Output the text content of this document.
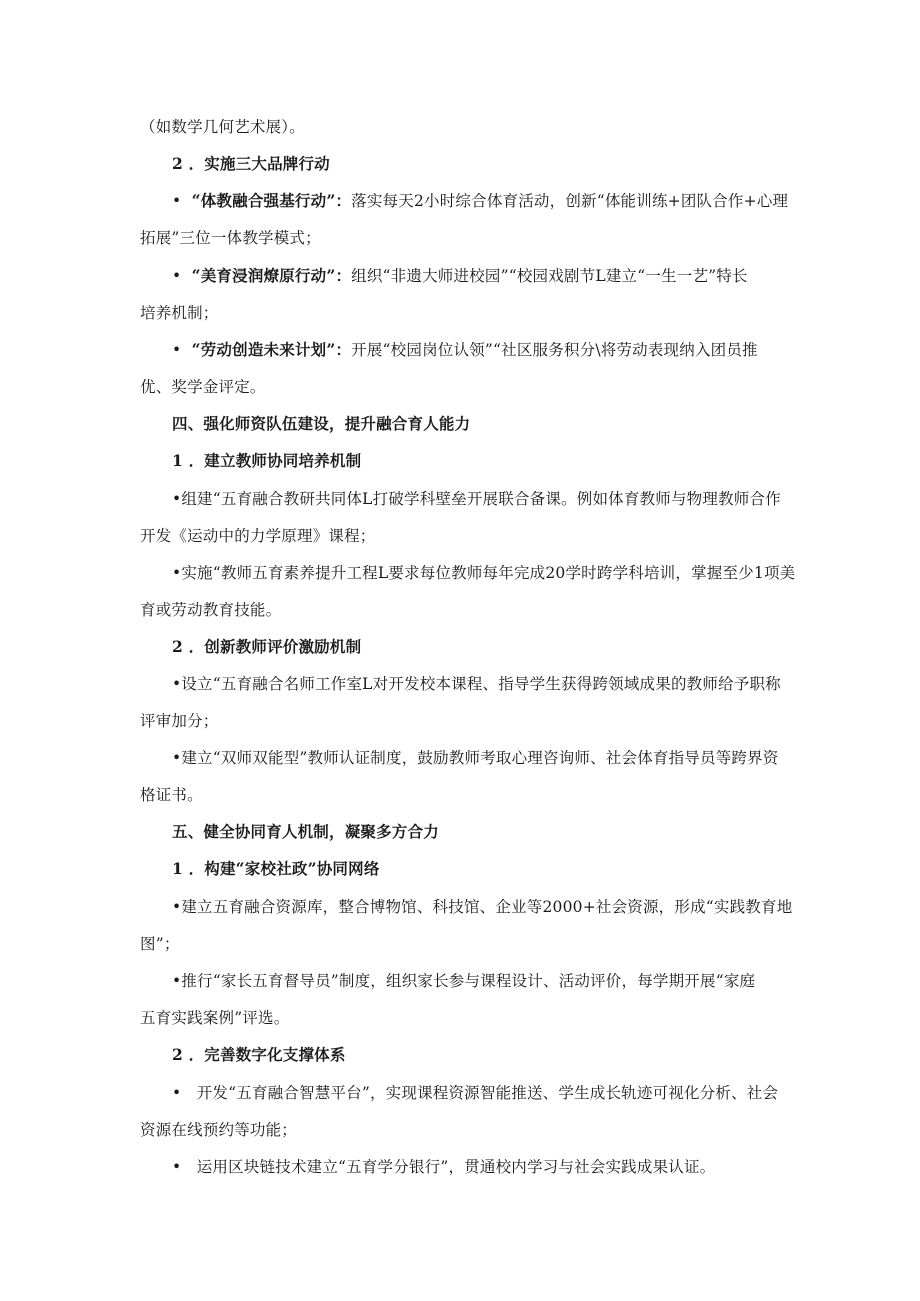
（如数学几何艺术展）。
2 ．实施三大品牌行动
• “体教融合强基行动”：落实每天2小时综合体育活动，创新“体能训练+团队合作+心理
拓展”三位一体教学模式；
• “美育浸润燎原行动”：组织“非遗大师进校园”“校园戏剧节L建立“一生一艺”特长
培养机制；
• “劳动创造未来计划”：开展“校园岗位认领”“社区服务积分\将劳动表现纳入团员推
优、奖学金评定。
四、强化师资队伍建设，提升融合育人能力
1 ．建立教师协同培养机制
•组建“五育融合教研共同体L打破学科壁垒开展联合备课。例如体育教师与物理教师合作
开发《运动中的力学原理》课程；
•实施“教师五育素养提升工程L要求每位教师每年完成20学时跨学科培训，掌握至少1项美
育或劳动教育技能。
2 ．创新教师评价激励机制
•设立“五育融合名师工作室L对开发校本课程、指导学生获得跨领域成果的教师给予职称
评审加分；
•建立“双师双能型”教师认证制度，鼓励教师考取心理咨询师、社会体育指导员等跨界资
格证书。
五、健全协同育人机制，凝聚多方合力
1 ．构建“家校社政”协同网络
•建立五育融合资源库，整合博物馆、科技馆、企业等2000+社会资源，形成“实践教育地
图”；
•推行“家长五育督导员”制度，组织家长参与课程设计、活动评价，每学期开展“家庭
五育实践案例”评选。
2 ．完善数字化支撑体系
• 开发“五育融合智慧平台”，实现课程资源智能推送、学生成长轨迹可视化分析、社会
资源在线预约等功能；
• 运用区块链技术建立“五育学分银行”，贯通校内学习与社会实践成果认证。
